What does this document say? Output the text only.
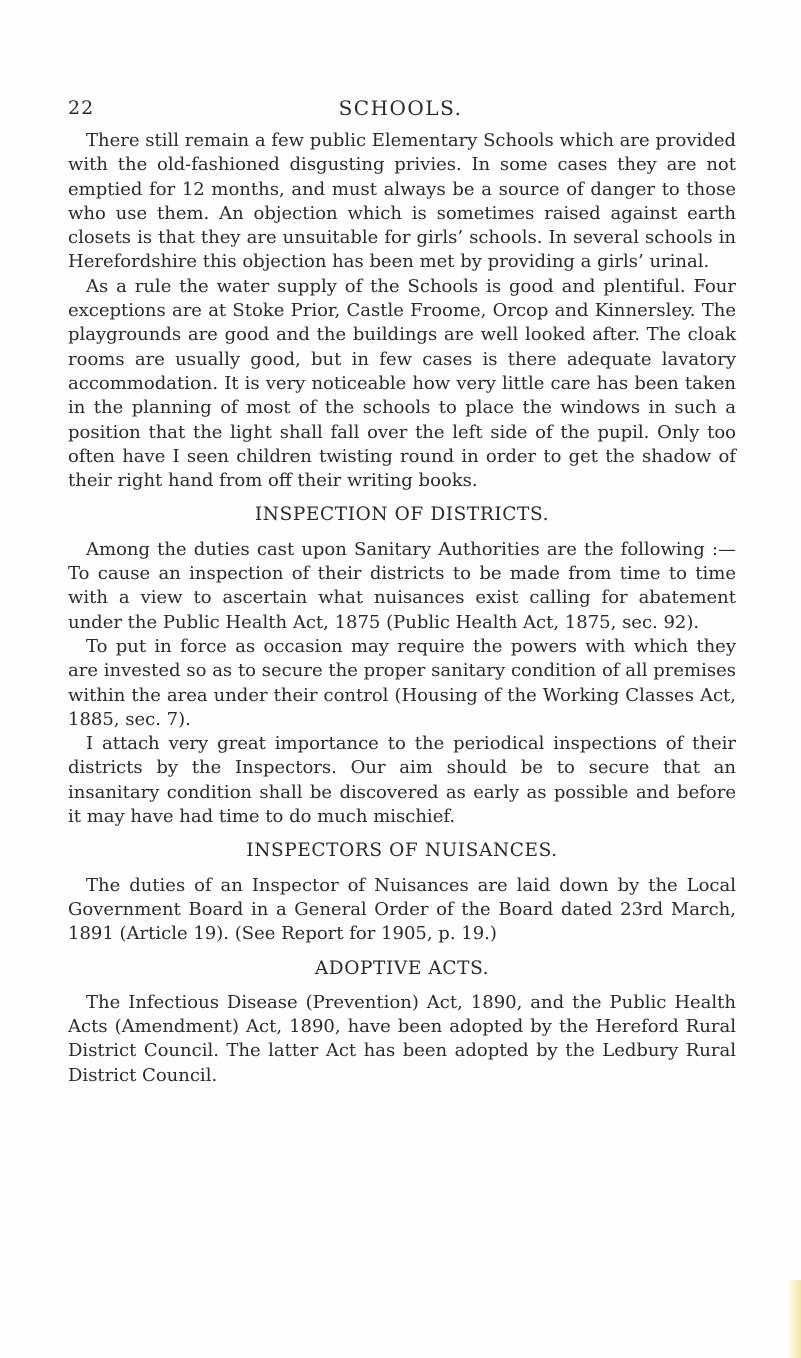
22	SCHOOLS.

There still remain a few public Elementary Schools which are provided with the old-fashioned disgusting privies. In some cases they are not emptied for 12 months, and must always be a source of danger to those who use them. An objection which is sometimes raised against earth closets is that they are unsuitable for girls’ schools. In several schools in Herefordshire this objection has been met by providing a girls’ urinal.

As a rule the water supply of the Schools is good and plentiful. Four exceptions are at Stoke Prior, Castle Froome, Orcop and Kinnersley. The playgrounds are good and the buildings are well looked after. The cloak rooms are usually good, but in few cases is there adequate lavatory accommodation. It is very noticeable how very little care has been taken in the planning of most of the schools to place the windows in such a position that the light shall fall over the left side of the pupil. Only too often have I seen children twisting round in order to get the shadow of their right hand from off their writing books.

INSPECTION OF DISTRICTS.

Among the duties cast upon Sanitary Authorities are the following :—To cause an inspection of their districts to be made from time to time with a view to ascertain what nuisances exist calling for abatement under the Public Health Act, 1875 (Public Health Act, 1875, sec. 92).

To put in force as occasion may require the powers with which they are invested so as to secure the proper sanitary condition of all premises within the area under their control (Housing of the Working Classes Act, 1885, sec. 7).

I attach very great importance to the periodical inspections of their districts by the Inspectors. Our aim should be to secure that an insanitary condition shall be discovered as early as possible and before it may have had time to do much mischief.

INSPECTORS OF NUISANCES.

The duties of an Inspector of Nuisances are laid down by the Local Government Board in a General Order of the Board dated 23rd March, 1891 (Article 19). (See Report for 1905, p. 19.)

ADOPTIVE ACTS.

The Infectious Disease (Prevention) Act, 1890, and the Public Health Acts (Amendment) Act, 1890, have been adopted by the Hereford Rural District Council. The latter Act has been adopted by the Ledbury Rural District Council.
